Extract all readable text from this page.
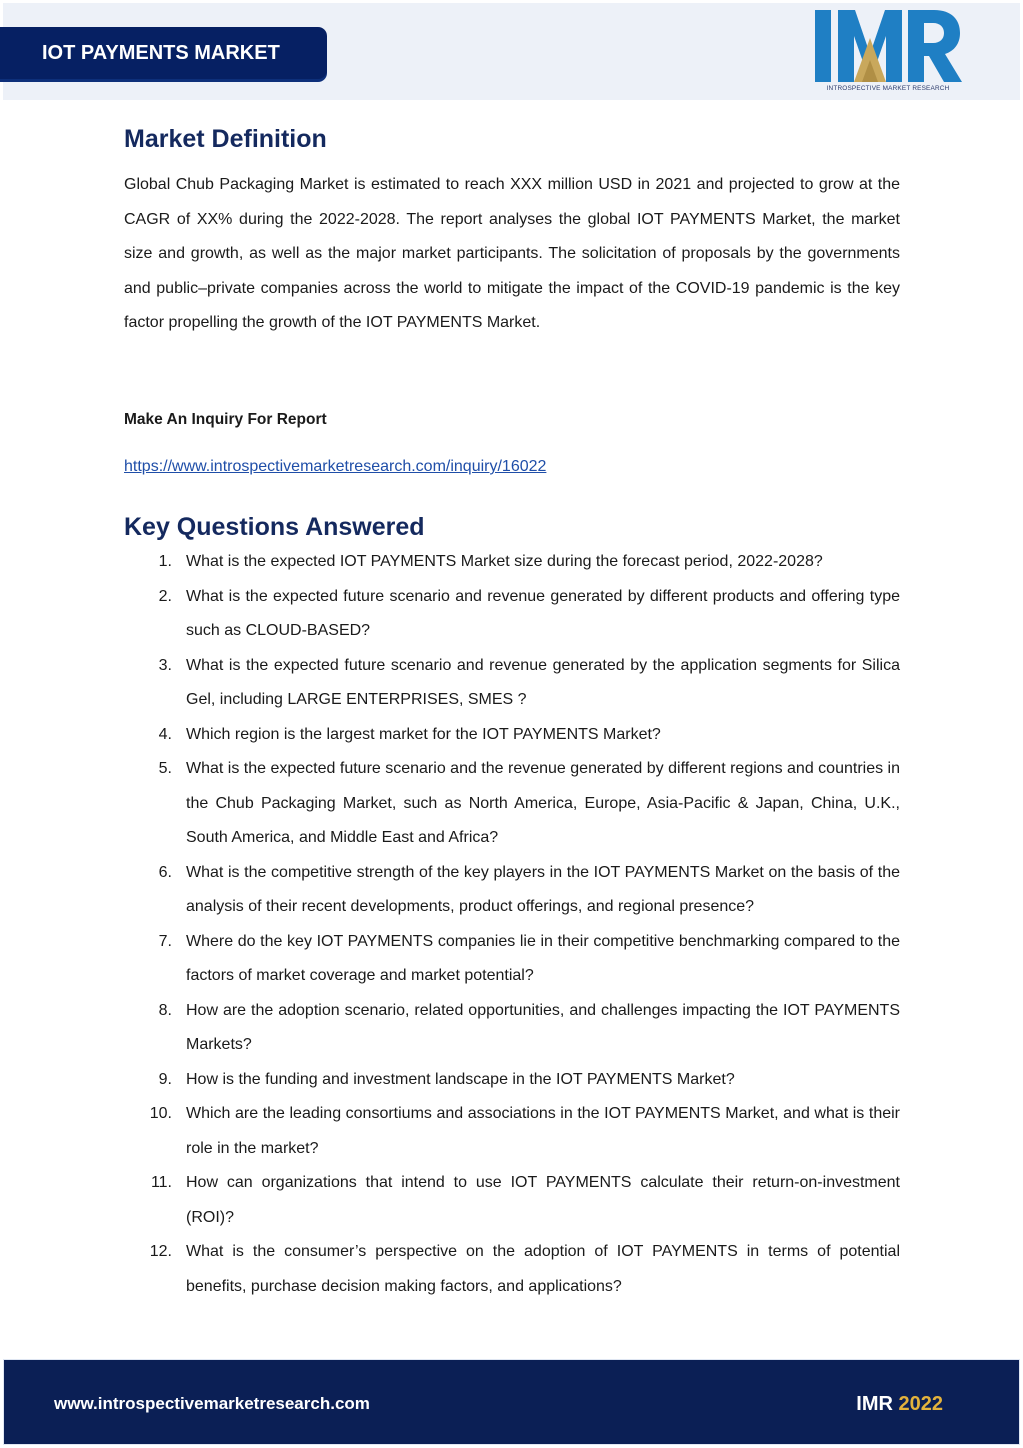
IOT PAYMENTS MARKET
INTROSPECTIVE MARKET RESEARCH
Market Definition

Global Chub Packaging Market is estimated to reach XXX million USD in 2021 and projected to grow at the CAGR of XX% during the 2022-2028. The report analyses the global IOT PAYMENTS Market, the market size and growth, as well as the major market participants. The solicitation of proposals by the governments and public–private companies across the world to mitigate the impact of the COVID-19 pandemic is the key factor propelling the growth of the IOT PAYMENTS Market.

Make An Inquiry For Report
https://www.introspectivemarketresearch.com/inquiry/16022
Key Questions Answered
1. What is the expected IOT PAYMENTS Market size during the forecast period, 2022-2028?
2. What is the expected future scenario and revenue generated by different products and offering type such as CLOUD-BASED?
3. What is the expected future scenario and revenue generated by the application segments for Silica Gel, including LARGE ENTERPRISES, SMES ?
4. Which region is the largest market for the IOT PAYMENTS Market?
5. What is the expected future scenario and the revenue generated by different regions and countries in the Chub Packaging Market, such as North America, Europe, Asia-Pacific & Japan, China, U.K., South America, and Middle East and Africa?
6. What is the competitive strength of the key players in the IOT PAYMENTS Market on the basis of the analysis of their recent developments, product offerings, and regional presence?
7. Where do the key IOT PAYMENTS companies lie in their competitive benchmarking compared to the factors of market coverage and market potential?
8. How are the adoption scenario, related opportunities, and challenges impacting the IOT PAYMENTS Markets?
9. How is the funding and investment landscape in the IOT PAYMENTS Market?
10. Which are the leading consortiums and associations in the IOT PAYMENTS Market, and what is their role in the market?
11. How can organizations that intend to use IOT PAYMENTS calculate their return-on-investment (ROI)?
12. What is the consumer’s perspective on the adoption of IOT PAYMENTS in terms of potential benefits, purchase decision making factors, and applications?
www.introspectivemarketresearch.com	IMR 2022
